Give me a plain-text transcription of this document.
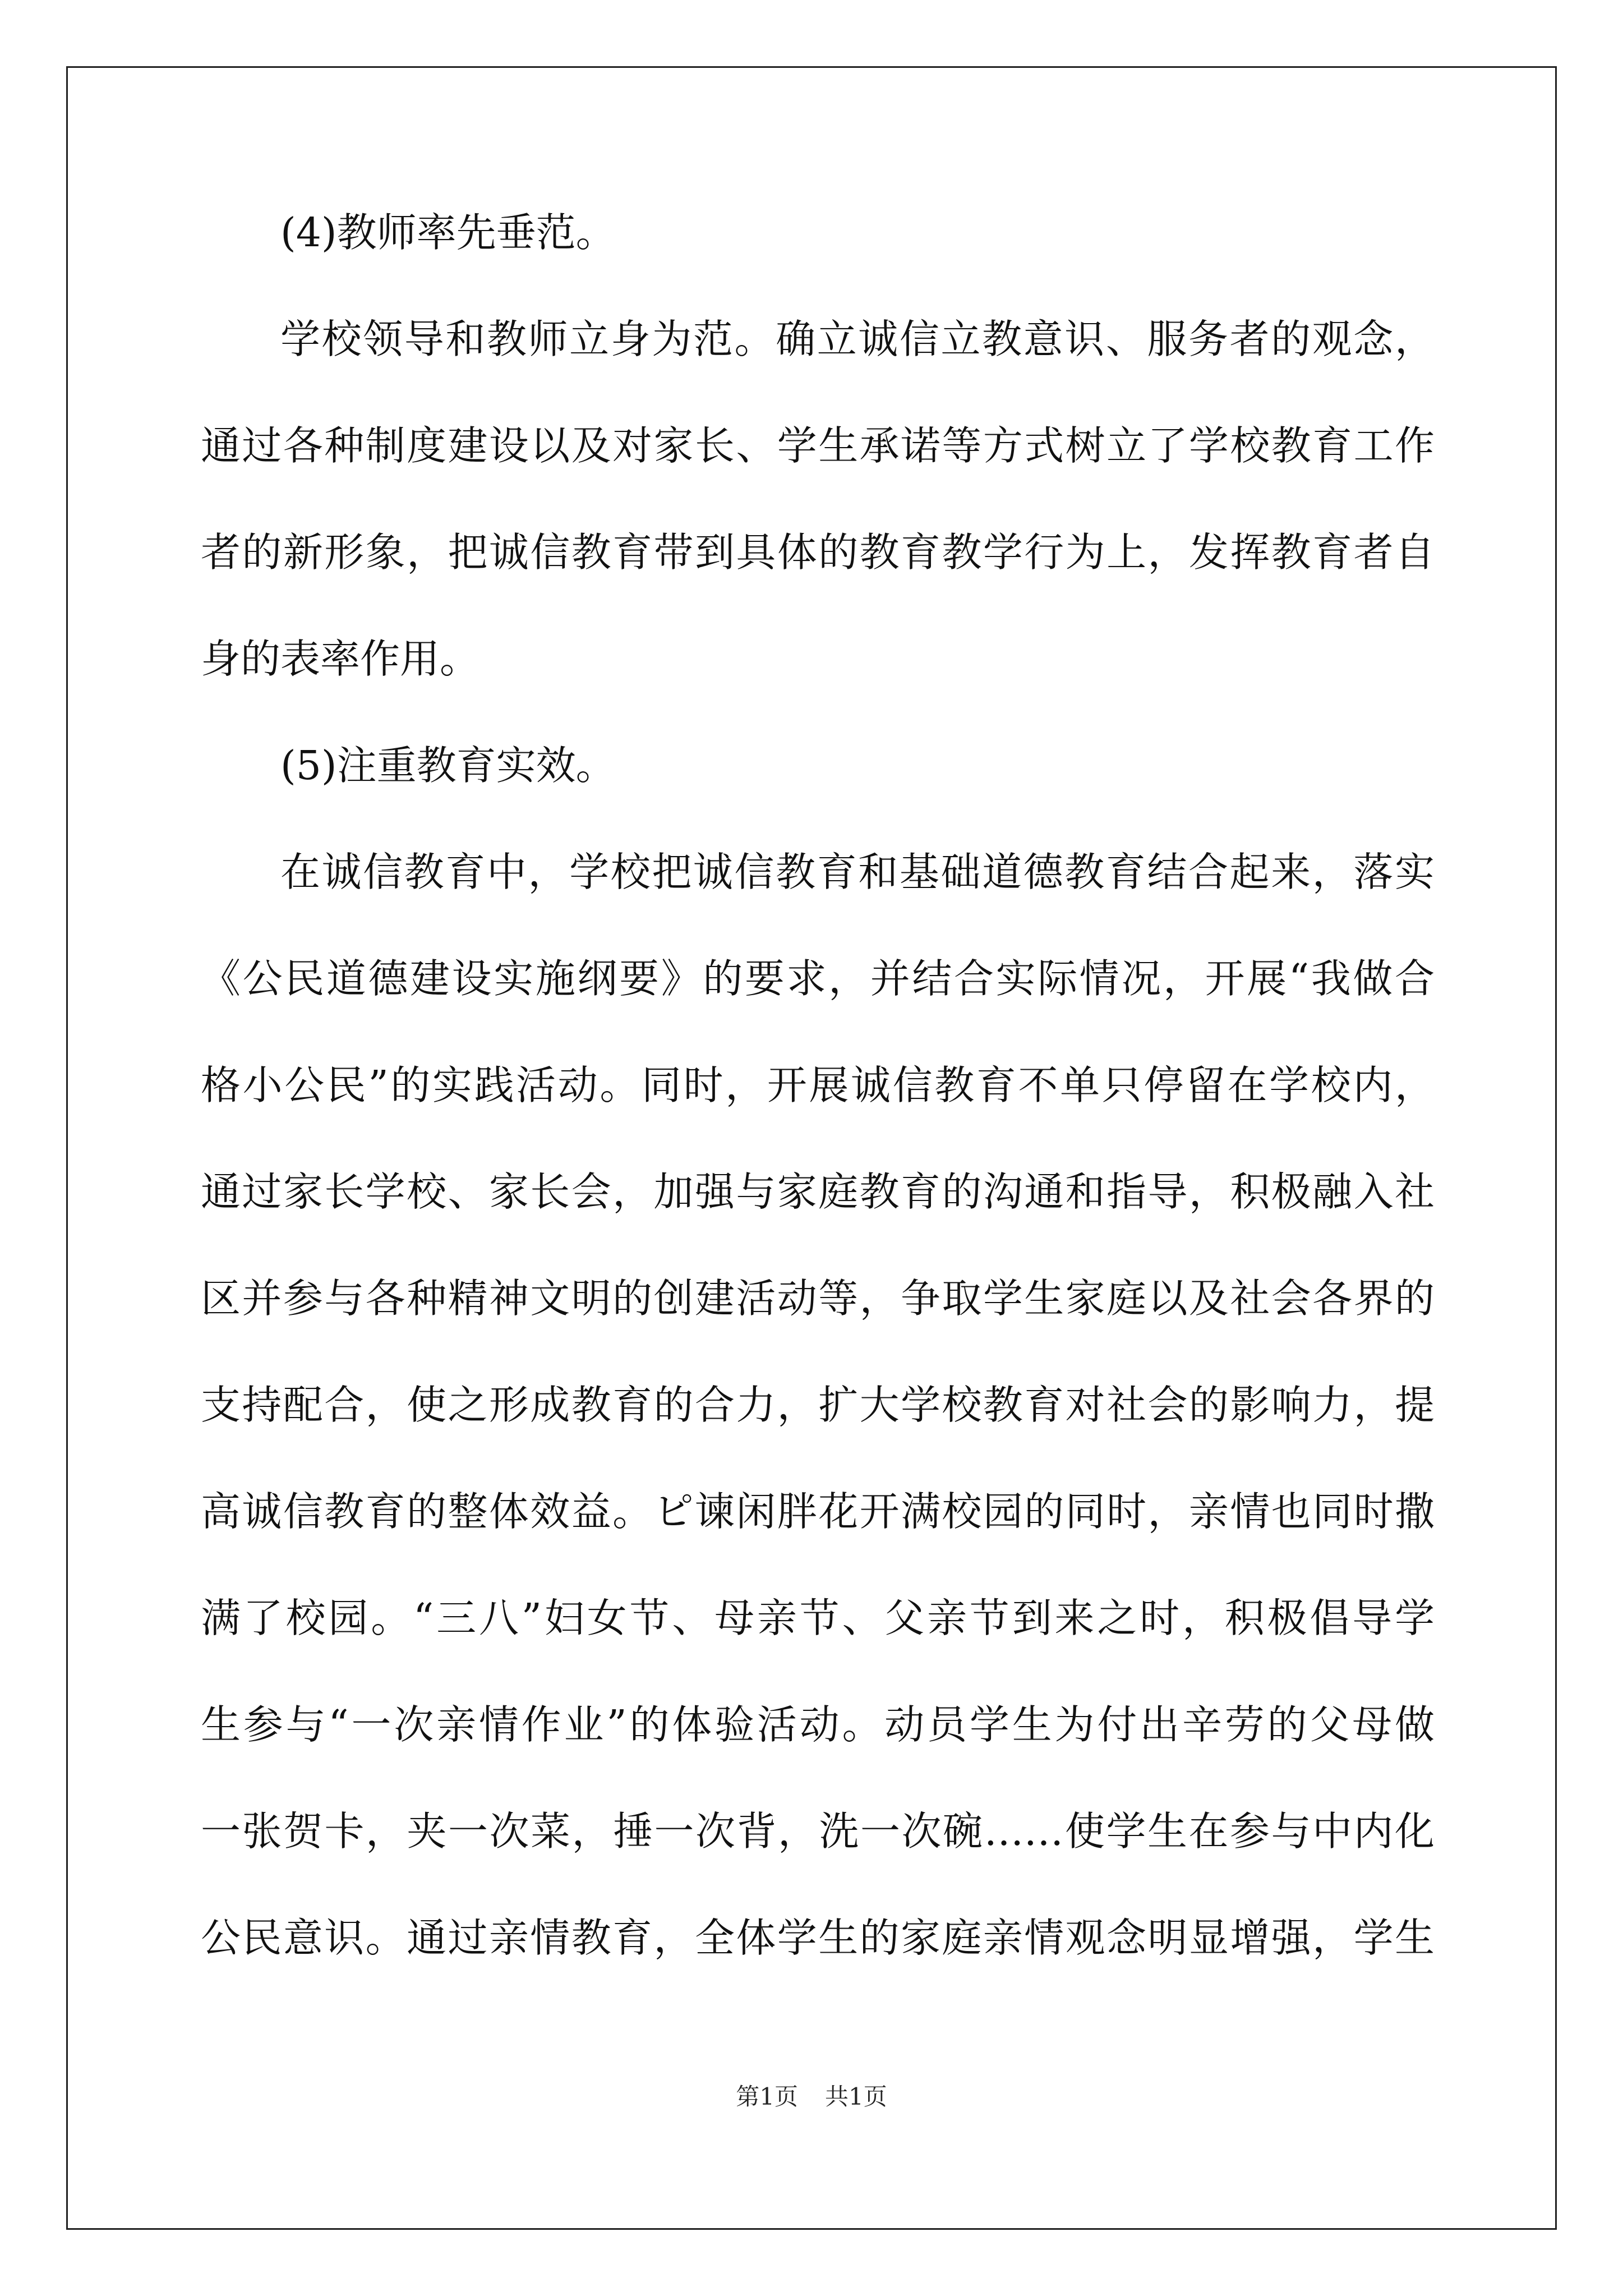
(4)教师率先垂范。
学校领导和教师立身为范。确立诚信立教意识、服务者的观念，
通过各种制度建设以及对家长、学生承诺等方式树立了学校教育工作
者的新形象，把诚信教育带到具体的教育教学行为上，发挥教育者自
身的表率作用。
(5)注重教育实效。
在诚信教育中，学校把诚信教育和基础道德教育结合起来，落实
《公民道德建设实施纲要》的要求，并结合实际情况，开展“我做合
格小公民”的实践活动。同时，开展诚信教育不单只停留在学校内，
通过家长学校、家长会，加强与家庭教育的沟通和指导，积极融入社
区并参与各种精神文明的创建活动等，争取学生家庭以及社会各界的
支持配合，使之形成教育的合力，扩大学校教育对社会的影响力，提
高诚信教育的整体效益。ピ谏闲胖花开满校园的同时，亲情也同时撒
满了校园。“三八”妇女节、母亲节、父亲节到来之时，积极倡导学
生参与“一次亲情作业”的体验活动。动员学生为付出辛劳的父母做
一张贺卡，夹一次菜，捶一次背，洗一次碗……使学生在参与中内化
公民意识。通过亲情教育，全体学生的家庭亲情观念明显增强，学生
第1页 共1页
